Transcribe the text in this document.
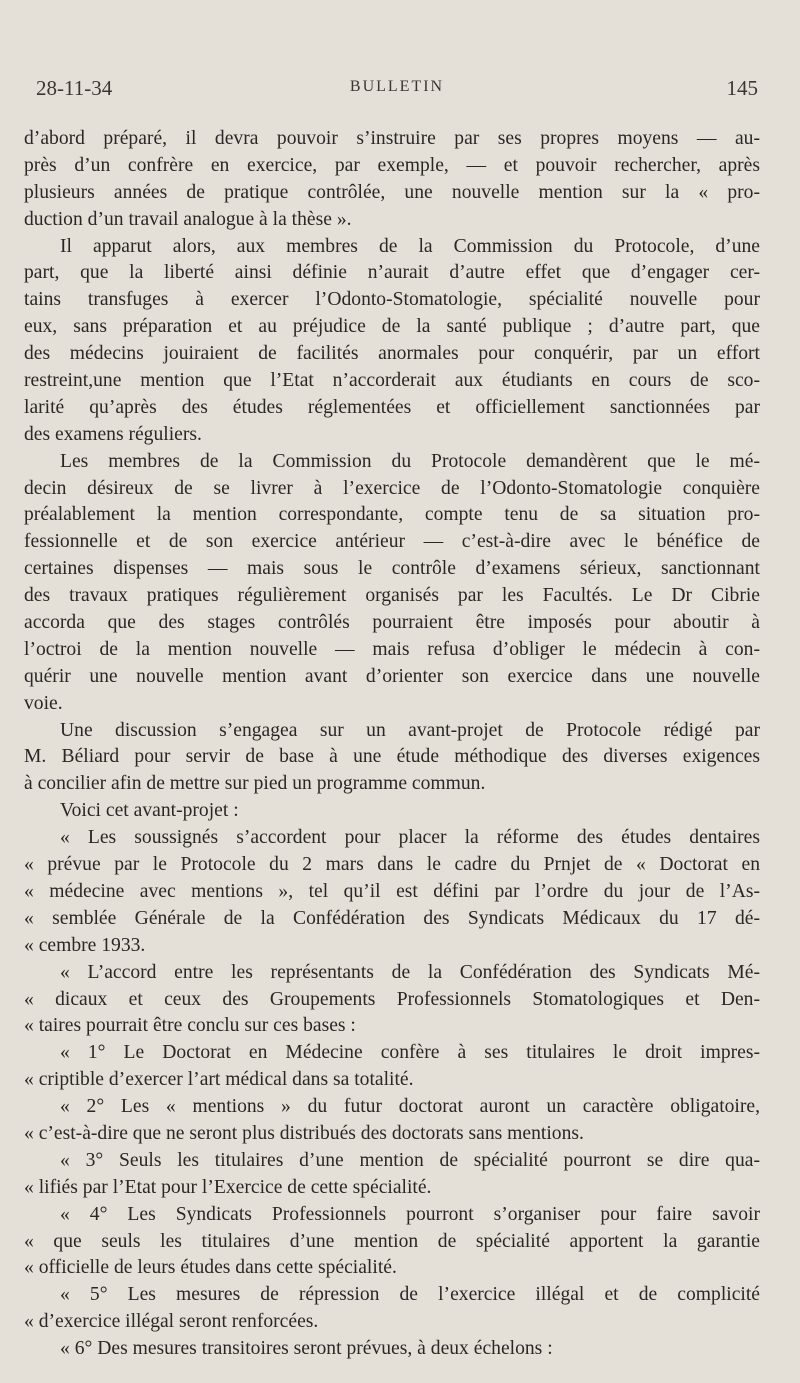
28-11-34	BULLETIN	145
d’abord préparé, il devra pouvoir s’instruire par ses propres moyens — au-
près d’un confrère en exercice, par exemple, — et pouvoir rechercher, après
plusieurs années de pratique contrôlée, une nouvelle mention sur la « pro-
duction d’un travail analogue à la thèse ».
Il apparut alors, aux membres de la Commission du Protocole, d’une
part, que la liberté ainsi définie n’aurait d’autre effet que d’engager cer-
tains transfuges à exercer l’Odonto-Stomatologie, spécialité nouvelle pour
eux, sans préparation et au préjudice de la santé publique ; d’autre part, que
des médecins jouiraient de facilités anormales pour conquérir, par un effort
restreint,une mention que l’Etat n’accorderait aux étudiants en cours de sco-
larité qu’après des études réglementées et officiellement sanctionnées par
des examens réguliers.
Les membres de la Commission du Protocole demandèrent que le mé-
decin désireux de se livrer à l’exercice de l’Odonto-Stomatologie conquière
préalablement la mention correspondante, compte tenu de sa situation pro-
fessionnelle et de son exercice antérieur — c’est-à-dire avec le bénéfice de
certaines dispenses — mais sous le contrôle d’examens sérieux, sanctionnant
des travaux pratiques régulièrement organisés par les Facultés. Le Dr Cibrie
accorda que des stages contrôlés pourraient être imposés pour aboutir à
l’octroi de la mention nouvelle — mais refusa d’obliger le médecin à con-
quérir une nouvelle mention avant d’orienter son exercice dans une nouvelle
voie.
Une discussion s’engagea sur un avant-projet de Protocole rédigé par
M. Béliard pour servir de base à une étude méthodique des diverses exigences
à concilier afin de mettre sur pied un programme commun.
Voici cet avant-projet :
« Les soussignés s’accordent pour placer la réforme des études dentaires
« prévue par le Protocole du 2 mars dans le cadre du Prnjet de « Doctorat en
« médecine avec mentions », tel qu’il est défini par l’ordre du jour de l’As-
« semblée Générale de la Confédération des Syndicats Médicaux du 17 dé-
« cembre 1933.
« L’accord entre les représentants de la Confédération des Syndicats Mé-
« dicaux et ceux des Groupements Professionnels Stomatologiques et Den-
« taires pourrait être conclu sur ces bases :
« 1° Le Doctorat en Médecine confère à ses titulaires le droit impres-
« criptible d’exercer l’art médical dans sa totalité.
« 2° Les « mentions » du futur doctorat auront un caractère obligatoire,
« c’est-à-dire que ne seront plus distribués des doctorats sans mentions.
« 3° Seuls les titulaires d’une mention de spécialité pourront se dire qua-
« lifiés par l’Etat pour l’Exercice de cette spécialité.
« 4° Les Syndicats Professionnels pourront s’organiser pour faire savoir
« que seuls les titulaires d’une mention de spécialité apportent la garantie
« officielle de leurs études dans cette spécialité.
« 5° Les mesures de répression de l’exercice illégal et de complicité
« d’exercice illégal seront renforcées.
« 6° Des mesures transitoires seront prévues, à deux échelons :
